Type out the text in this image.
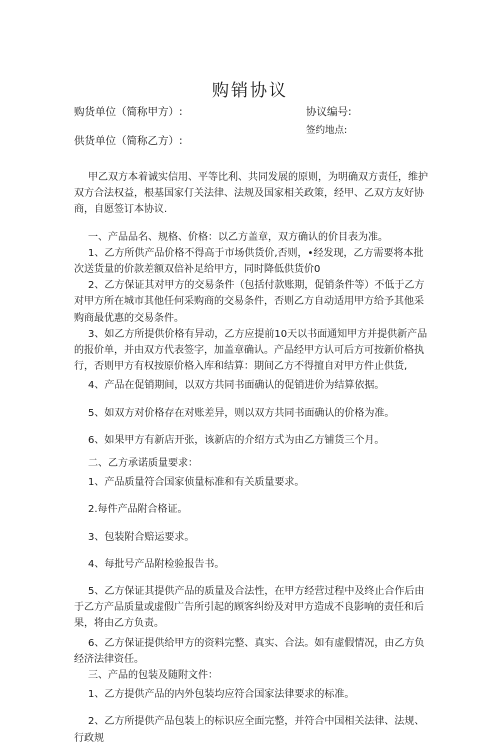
购销协议
购货单位（简称甲方）:	协议编号:
签约地点:
供货单位（简称乙方）:

甲乙双方本着诚实信用、平等比利、共同发展的原则，为明确双方责任，维护双方合法权益，根基国家仃关法律、法规及国家相关政策，经甲、乙双方友好协商，自愿签订本协议.

一、产品品名、规格、价格：以乙方盖章，双方确认的价目表为准。

1、乙方所供产品价格不得高于市场供货价,否则，•经发现，乙方需要将本批次送货量的价款差额双倍补足给甲方，同时降低供货价0

2、乙方保证其对甲方的交易条件（包括付款账期，促销条件等）不低于乙方对甲方所在城市其他任何采购商的交易条件，否则乙方自动适用甲方给予其他采购商最优惠的交易条件。

3、如乙方所提供价格有异动，乙方应提前10天以书面通知甲方并提供新产品的报价单，并由双方代表签字，加盖章确认。产品经甲方认可后方可按新价格执行，否则甲方有权按原价格入库和结算：期间乙方不得擅自对甲方件止供货,

4、产品在促销期间，以双方共同书面确认的促销进价为结算依据。

5、如双方对价格存在对账差异，则以双方共同书面确认的价格为准。

6、如果甲方有新店开张，该新店的介绍方式为由乙方铺货三个月。

二、乙方承诺质量要求：

1、产品质量符合国家侦量标准和有关质量要求。

2.每件产品附合格证。

3、包装附合赔运要求。

4、每批号产品附检验报告书。

5、乙方保证其提供产品的质量及合法性，在甲方经营过程中及终止合作后由于乙方产品质量或虚假广告所引起的顾客纠纷及对甲方造成不良影响的责任和后果，将由乙方负责。

6、乙方保证提供给甲方的资料完整、真实、合法。如有虚假情况，由乙方负经济法律资任。

三、产品的包装及随附文件：

1、乙方提供产品的内外包装均应符合国家法律要求的标准。

2、乙方所提供产品包装上的标识应全面完整，并符合中国相关法律、法规、行政规
